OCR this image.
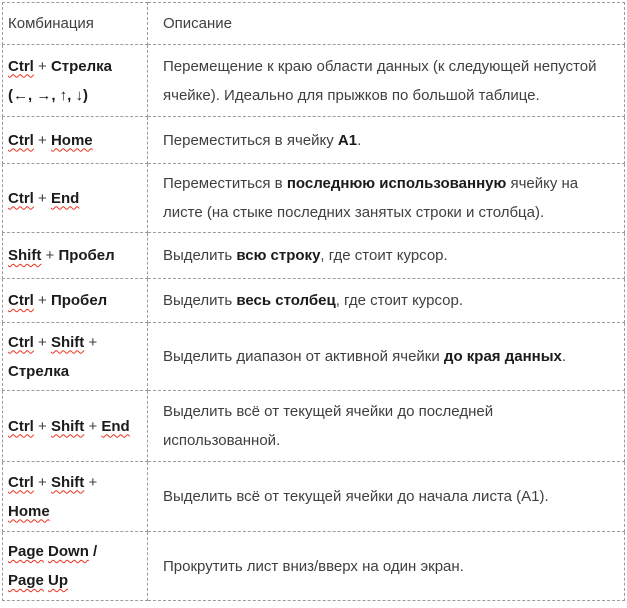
Комбинация	Описание
Ctrl + Стрелка
(←, →, ↑, ↓)	Перемещение к краю области данных (к следующей непустой ячейке). Идеально для прыжков по большой таблице.
Ctrl + Home	Переместиться в ячейку A1.
Ctrl + End	Переместиться в последнюю использованную ячейку на листе (на стыке последних занятых строки и столбца).
Shift + Пробел	Выделить всю строку, где стоит курсор.
Ctrl + Пробел	Выделить весь столбец, где стоит курсор.
Ctrl + Shift +
Стрелка	Выделить диапазон от активной ячейки до края данных.
Ctrl + Shift + End	Выделить всё от текущей ячейки до последней использованной.
Ctrl + Shift +
Home	Выделить всё от текущей ячейки до начала листа (A1).
Page Down /
Page Up	Прокрутить лист вниз/вверх на один экран.
